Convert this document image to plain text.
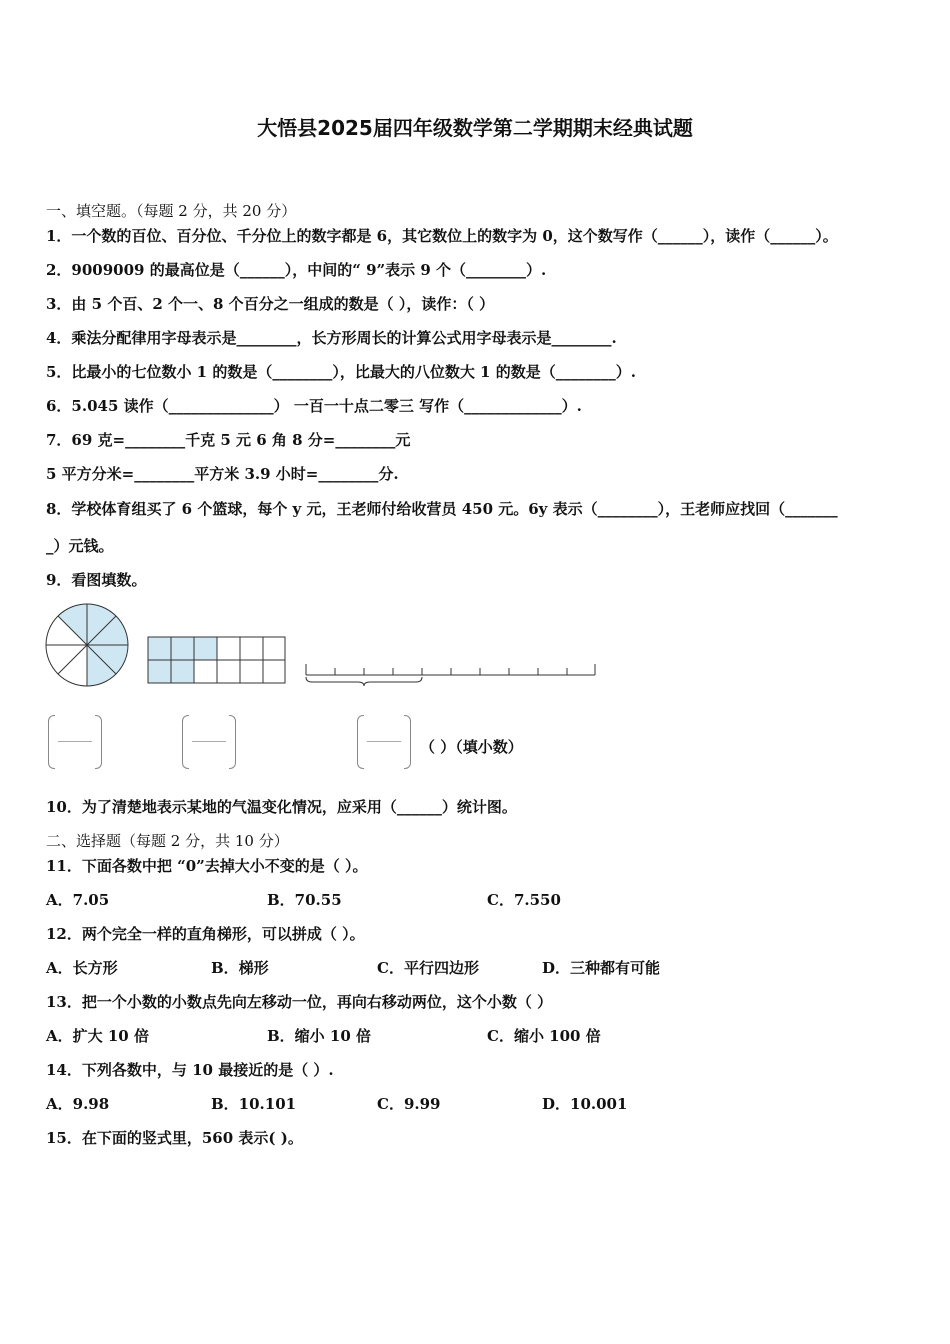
大悟县2025届四年级数学第二学期期末经典试题
一、填空题。（每题 2 分，共 20 分）
1．一个数的百位、百分位、千分位上的数字都是 6，其它数位上的数字为 0，这个数写作（______），读作（______）。
2．9009009 的最高位是（______），中间的“ 9”表示 9 个（________）.
3．由 5 个百、2 个一、8 个百分之一组成的数是（ ），读作：（ ）
4．乘法分配律用字母表示是________，长方形周长的计算公式用字母表示是________.
5．比最小的七位数小 1 的数是（________），比最大的八位数大 1 的数是（________）.
6．5.045 读作（______________） 一百一十点二零三 写作（_____________）.
7．69 克=________千克 5 元 6 角 8 分=________元
5 平方分米=________平方米 3.9 小时=________分.
8．学校体育组买了 6 个篮球，每个 y 元，王老师付给收营员 450 元。6y 表示（________），王老师应找回（_______
_）元钱。
9．看图填数。
（ ）（填小数）
10．为了清楚地表示某地的气温变化情况，应采用（______）统计图。
二、选择题（每题 2 分，共 10 分）
11．下面各数中把 “0”去掉大小不变的是（ ）。
A．7.05	B．70.55	C．7.550
12．两个完全一样的直角梯形，可以拼成（ ）。
A．长方形	B．梯形	C．平行四边形	D．三种都有可能
13．把一个小数的小数点先向左移动一位，再向右移动两位，这个小数（ ）
A．扩大 10 倍	B．缩小 10 倍	C．缩小 100 倍
14．下列各数中，与 10 最接近的是（ ）.
A．9.98	B．10.101	C．9.99	D．10.001
15．在下面的竖式里，560 表示( )。
